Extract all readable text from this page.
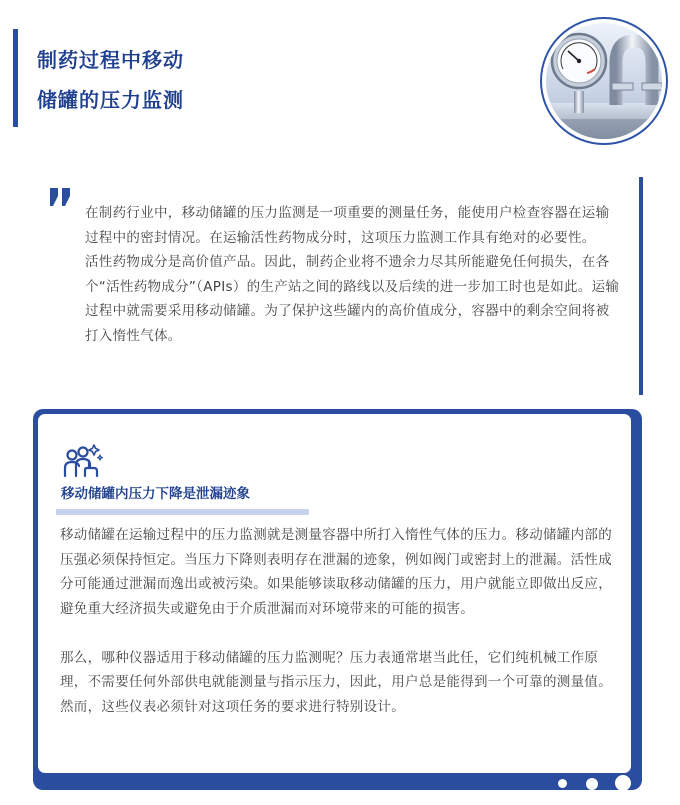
制药过程中移动
储罐的压力监测

在制药行业中，移动储罐的压力监测是一项重要的测量任务，能使用户检查容器在运输过程中的密封情况。在运输活性药物成分时，这项压力监测工作具有绝对的必要性。

活性药物成分是高价值产品。因此，制药企业将不遗余力尽其所能避免任何损失，在各个“活性药物成分”（APIs）的生产站之间的路线以及后续的进一步加工时也是如此。运输过程中就需要采用移动储罐。为了保护这些罐内的高价值成分，容器中的剩余空间将被打入惰性气体。

移动储罐内压力下降是泄漏迹象

移动储罐在运输过程中的压力监测就是测量容器中所打入惰性气体的压力。移动储罐内部的压强必须保持恒定。当压力下降则表明存在泄漏的迹象，例如阀门或密封上的泄漏。活性成分可能通过泄漏而逸出或被污染。如果能够读取移动储罐的压力，用户就能立即做出反应，避免重大经济损失或避免由于介质泄漏而对环境带来的可能的损害。

那么，哪种仪器适用于移动储罐的压力监测呢？压力表通常堪当此任，它们纯机械工作原理，不需要任何外部供电就能测量与指示压力，因此，用户总是能得到一个可靠的测量值。然而，这些仪表必须针对这项任务的要求进行特别设计。
